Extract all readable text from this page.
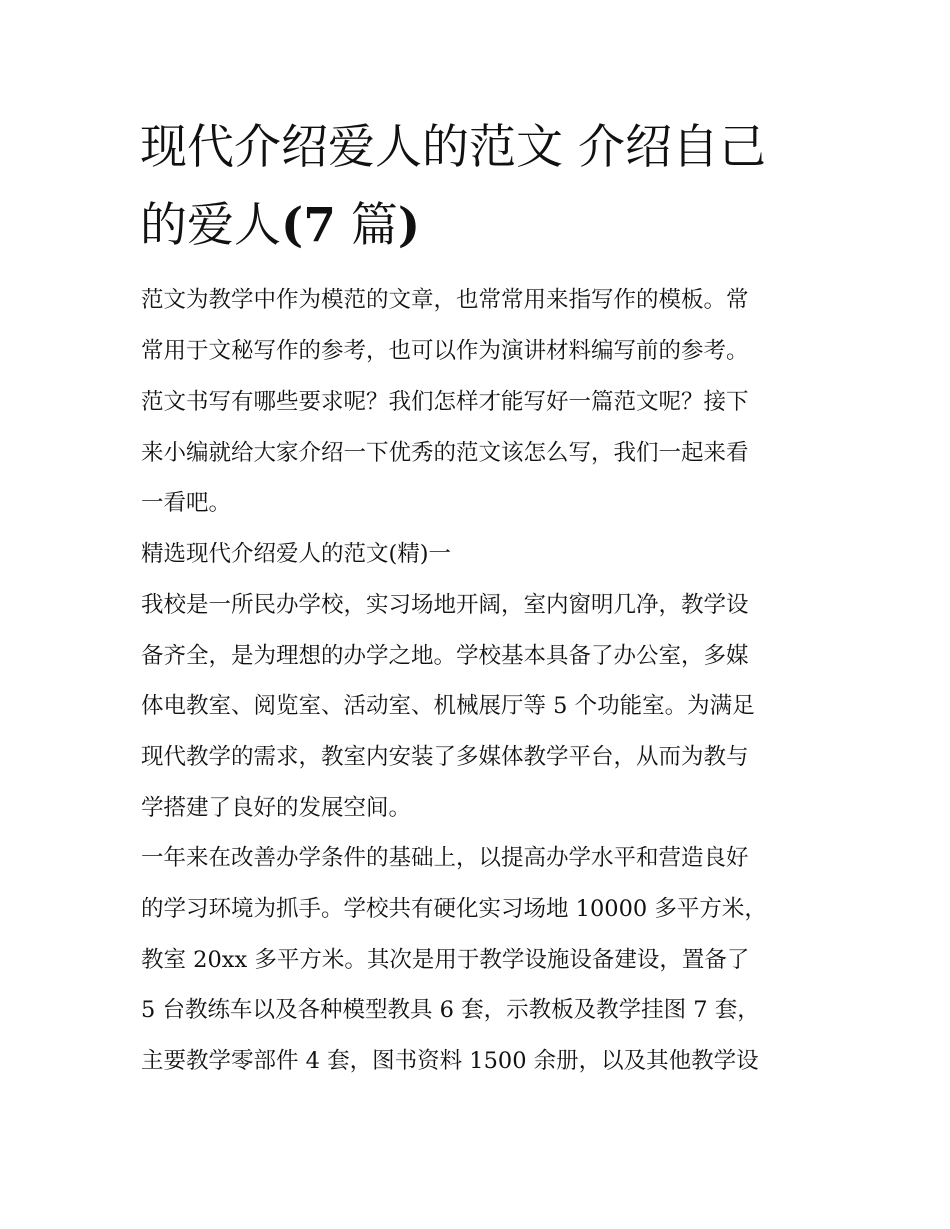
现代介绍爱人的范文 介绍自己
的爱人(7 篇)
范文为教学中作为模范的文章，也常常用来指写作的模板。常
常用于文秘写作的参考，也可以作为演讲材料编写前的参考。
范文书写有哪些要求呢？我们怎样才能写好一篇范文呢？接下
来小编就给大家介绍一下优秀的范文该怎么写，我们一起来看
一看吧。
精选现代介绍爱人的范文(精)一
我校是一所民办学校，实习场地开阔，室内窗明几净，教学设
备齐全，是为理想的办学之地。学校基本具备了办公室，多媒
体电教室、阅览室、活动室、机械展厅等 5 个功能室。为满足
现代教学的需求，教室内安装了多媒体教学平台，从而为教与
学搭建了良好的发展空间。
一年来在改善办学条件的基础上，以提高办学水平和营造良好
的学习环境为抓手。学校共有硬化实习场地 10000 多平方米，
教室 20xx 多平方米。其次是用于教学设施设备建设，置备了
5 台教练车以及各种模型教具 6 套，示教板及教学挂图 7 套，
主要教学零部件 4 套，图书资料 1500 余册，以及其他教学设
